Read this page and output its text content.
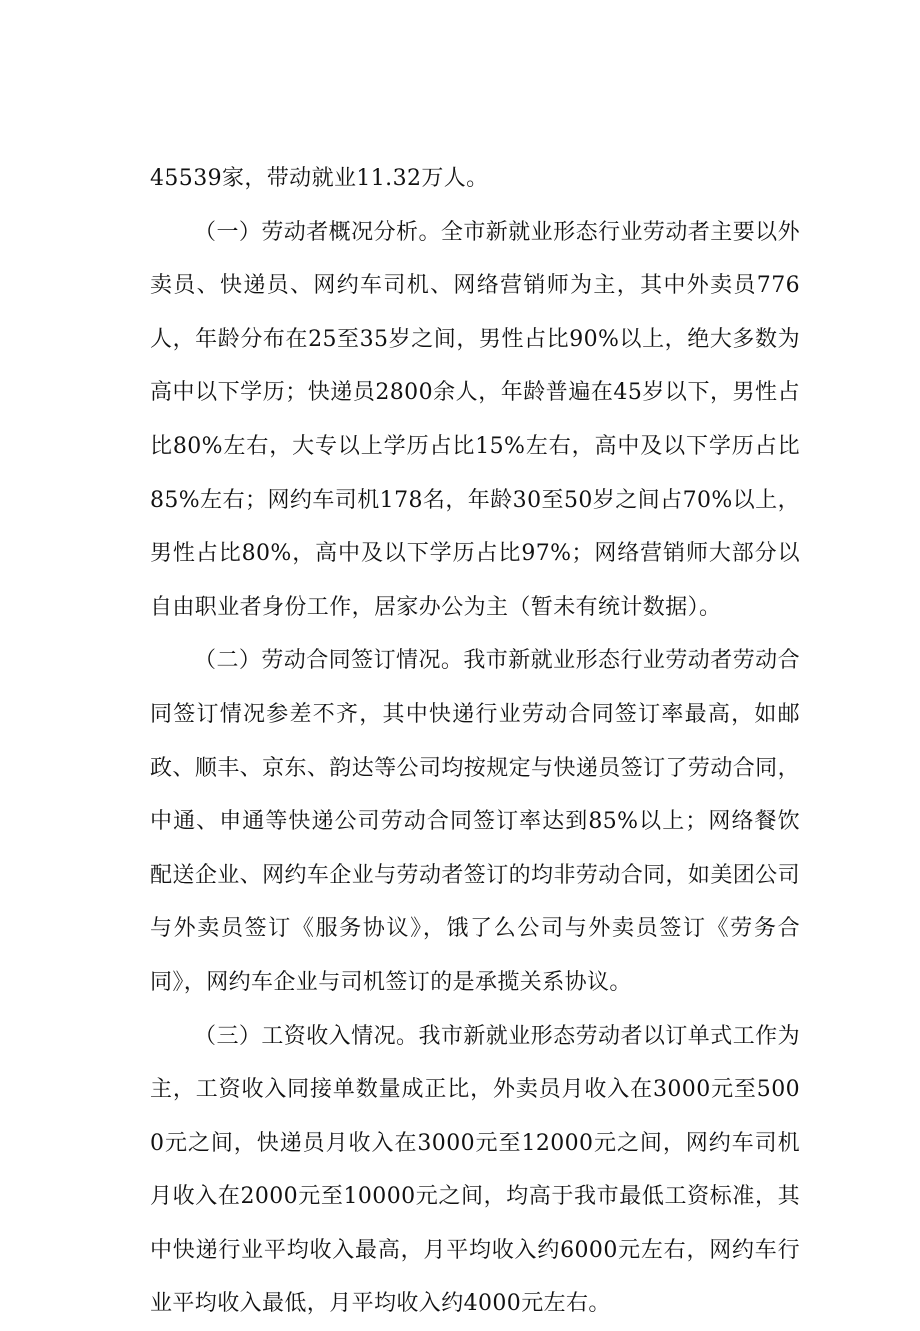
45539家，带动就业11.32万人。

（一）劳动者概况分析。全市新就业形态行业劳动者主要以外卖员、快递员、网约车司机、网络营销师为主，其中外卖员776人，年龄分布在25至35岁之间，男性占比90%以上，绝大多数为高中以下学历；快递员2800余人，年龄普遍在45岁以下，男性占比80%左右，大专以上学历占比15%左右，高中及以下学历占比85%左右；网约车司机178名，年龄30至50岁之间占70%以上，男性占比80%，高中及以下学历占比97%；网络营销师大部分以自由职业者身份工作，居家办公为主（暂未有统计数据）。

（二）劳动合同签订情况。我市新就业形态行业劳动者劳动合同签订情况参差不齐，其中快递行业劳动合同签订率最高，如邮政、顺丰、京东、韵达等公司均按规定与快递员签订了劳动合同，中通、申通等快递公司劳动合同签订率达到85%以上；网络餐饮配送企业、网约车企业与劳动者签订的均非劳动合同，如美团公司与外卖员签订《服务协议》，饿了么公司与外卖员签订《劳务合同》，网约车企业与司机签订的是承揽关系协议。

（三）工资收入情况。我市新就业形态劳动者以订单式工作为主，工资收入同接单数量成正比，外卖员月收入在3000元至5000元之间，快递员月收入在3000元至12000元之间，网约车司机月收入在2000元至10000元之间，均高于我市最低工资标准，其中快递行业平均收入最高，月平均收入约6000元左右，网约车行业平均收入最低，月平均收入约4000元左右。
